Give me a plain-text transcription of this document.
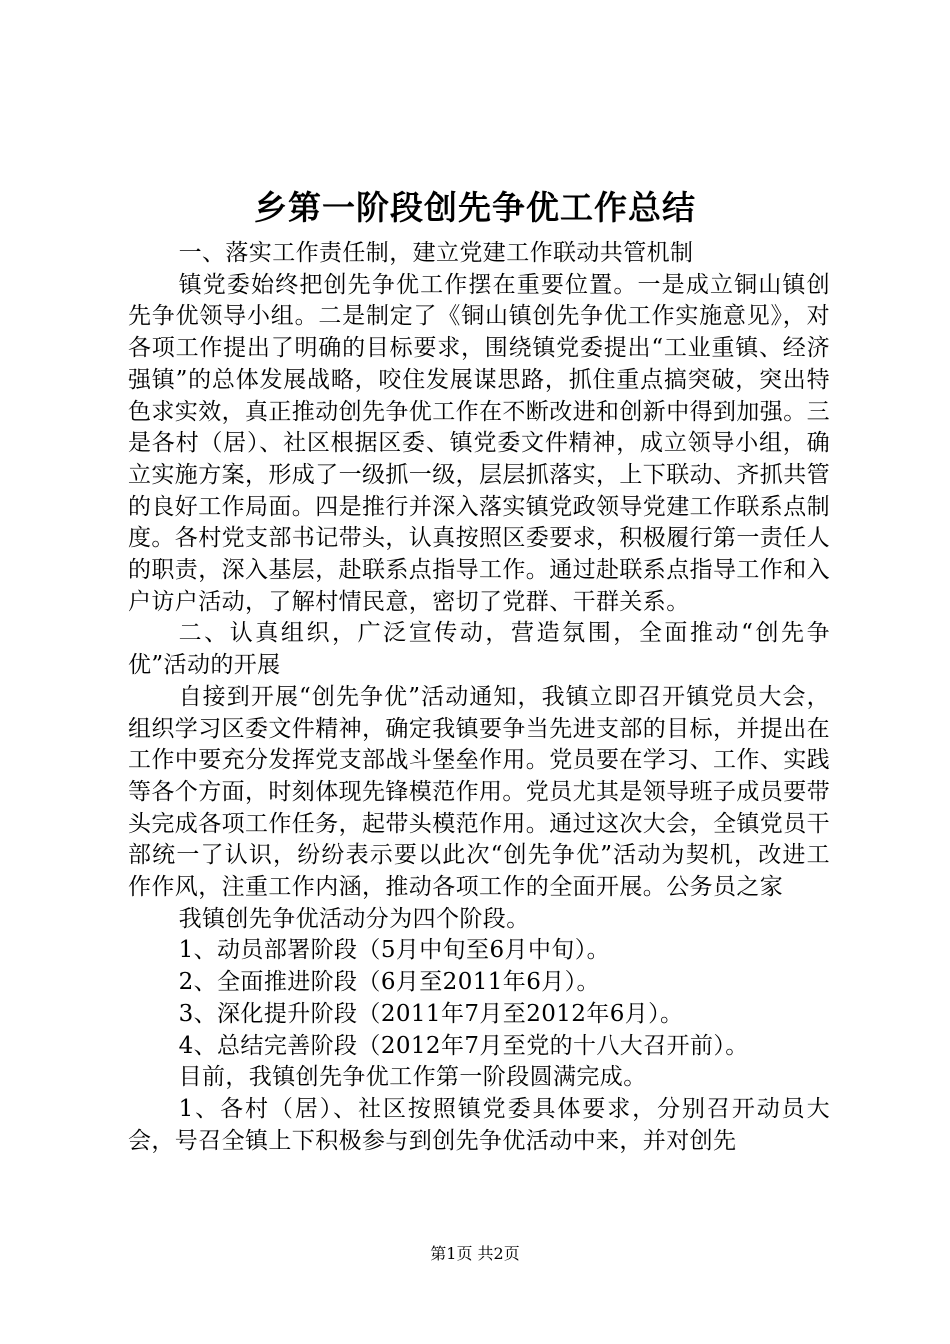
乡第一阶段创先争优工作总结

一、落实工作责任制，建立党建工作联动共管机制

镇党委始终把创先争优工作摆在重要位置。一是成立铜山镇创先争优领导小组。二是制定了《铜山镇创先争优工作实施意见》，对各项工作提出了明确的目标要求，围绕镇党委提出“工业重镇、经济强镇”的总体发展战略，咬住发展谋思路，抓住重点搞突破，突出特色求实效，真正推动创先争优工作在不断改进和创新中得到加强。三是各村（居）、社区根据区委、镇党委文件精神，成立领导小组，确立实施方案，形成了一级抓一级，层层抓落实，上下联动、齐抓共管的良好工作局面。四是推行并深入落实镇党政领导党建工作联系点制度。各村党支部书记带头，认真按照区委要求，积极履行第一责任人的职责，深入基层，赴联系点指导工作。通过赴联系点指导工作和入户访户活动，了解村情民意，密切了党群、干群关系。

二、认真组织，广泛宣传动，营造氛围，全面推动“创先争优”活动的开展

自接到开展“创先争优”活动通知，我镇立即召开镇党员大会，组织学习区委文件精神，确定我镇要争当先进支部的目标，并提出在工作中要充分发挥党支部战斗堡垒作用。党员要在学习、工作、实践等各个方面，时刻体现先锋模范作用。党员尤其是领导班子成员要带头完成各项工作任务，起带头模范作用。通过这次大会，全镇党员干部统一了认识，纷纷表示要以此次“创先争优”活动为契机，改进工作作风，注重工作内涵，推动各项工作的全面开展。公务员之家

我镇创先争优活动分为四个阶段。

1、动员部署阶段（5月中旬至6月中旬）。

2、全面推进阶段（6月至2011年6月）。

3、深化提升阶段（2011年7月至2012年6月）。

4、总结完善阶段（2012年7月至党的十八大召开前）。

目前，我镇创先争优工作第一阶段圆满完成。

1、各村（居）、社区按照镇党委具体要求，分别召开动员大会，号召全镇上下积极参与到创先争优活动中来，并对创先

第1页 共2页
